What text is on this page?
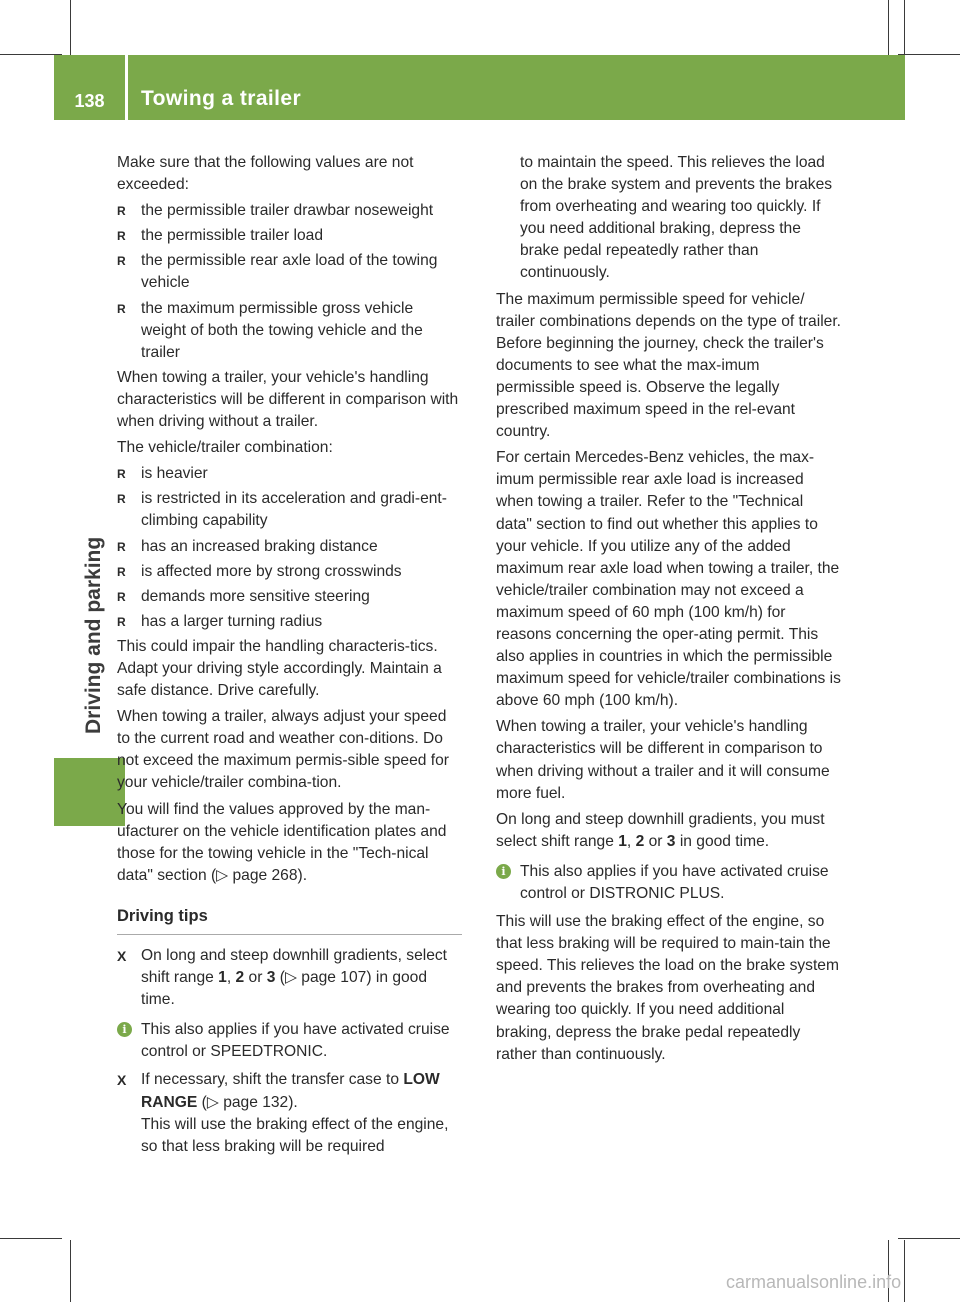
138	Towing a trailer
Driving and parking

Make sure that the following values are not exceeded:

R the permissible trailer drawbar noseweight
R the permissible trailer load
R the permissible rear axle load of the towing vehicle
R the maximum permissible gross vehicle weight of both the towing vehicle and the trailer

When towing a trailer, your vehicle's handling characteristics will be different in comparison with when driving without a trailer.

The vehicle/trailer combination:

R is heavier
R is restricted in its acceleration and gradi-ent-climbing capability
R has an increased braking distance
R is affected more by strong crosswinds
R demands more sensitive steering
R has a larger turning radius

This could impair the handling characteris-tics. Adapt your driving style accordingly. Maintain a safe distance. Drive carefully.

When towing a trailer, always adjust your speed to the current road and weather con-ditions. Do not exceed the maximum permis-sible speed for your vehicle/trailer combina-tion.

You will find the values approved by the man-ufacturer on the vehicle identification plates and those for the towing vehicle in the "Tech-nical data" section (▷ page 268).

Driving tips
X On long and steep downhill gradients, select shift range 1, 2 or 3 (▷ page 107) in good time.
i This also applies if you have activated cruise control or SPEEDTRONIC.
X If necessary, shift the transfer case to LOW RANGE (▷ page 132).
This will use the braking effect of the engine, so that less braking will be required
to maintain the speed. This relieves the load on the brake system and prevents the brakes from overheating and wearing too quickly. If you need additional braking, depress the brake pedal repeatedly rather than continuously.

The maximum permissible speed for vehicle/ trailer combinations depends on the type of trailer. Before beginning the journey, check the trailer's documents to see what the max-imum permissible speed is. Observe the legally prescribed maximum speed in the rel-evant country.

For certain Mercedes-Benz vehicles, the max-imum permissible rear axle load is increased when towing a trailer. Refer to the "Technical data" section to find out whether this applies to your vehicle. If you utilize any of the added maximum rear axle load when towing a trailer, the vehicle/trailer combination may not exceed a maximum speed of 60 mph (100 km/h) for reasons concerning the oper-ating permit. This also applies in countries in which the permissible maximum speed for vehicle/trailer combinations is above 60 mph (100 km/h).

When towing a trailer, your vehicle's handling characteristics will be different in comparison to when driving without a trailer and it will consume more fuel.

On long and steep downhill gradients, you must select shift range 1, 2 or 3 in good time.

i This also applies if you have activated cruise control or DISTRONIC PLUS.

This will use the braking effect of the engine, so that less braking will be required to main-tain the speed. This relieves the load on the brake system and prevents the brakes from overheating and wearing too quickly. If you need additional braking, depress the brake pedal repeatedly rather than continuously.

carmanualsonline.info
